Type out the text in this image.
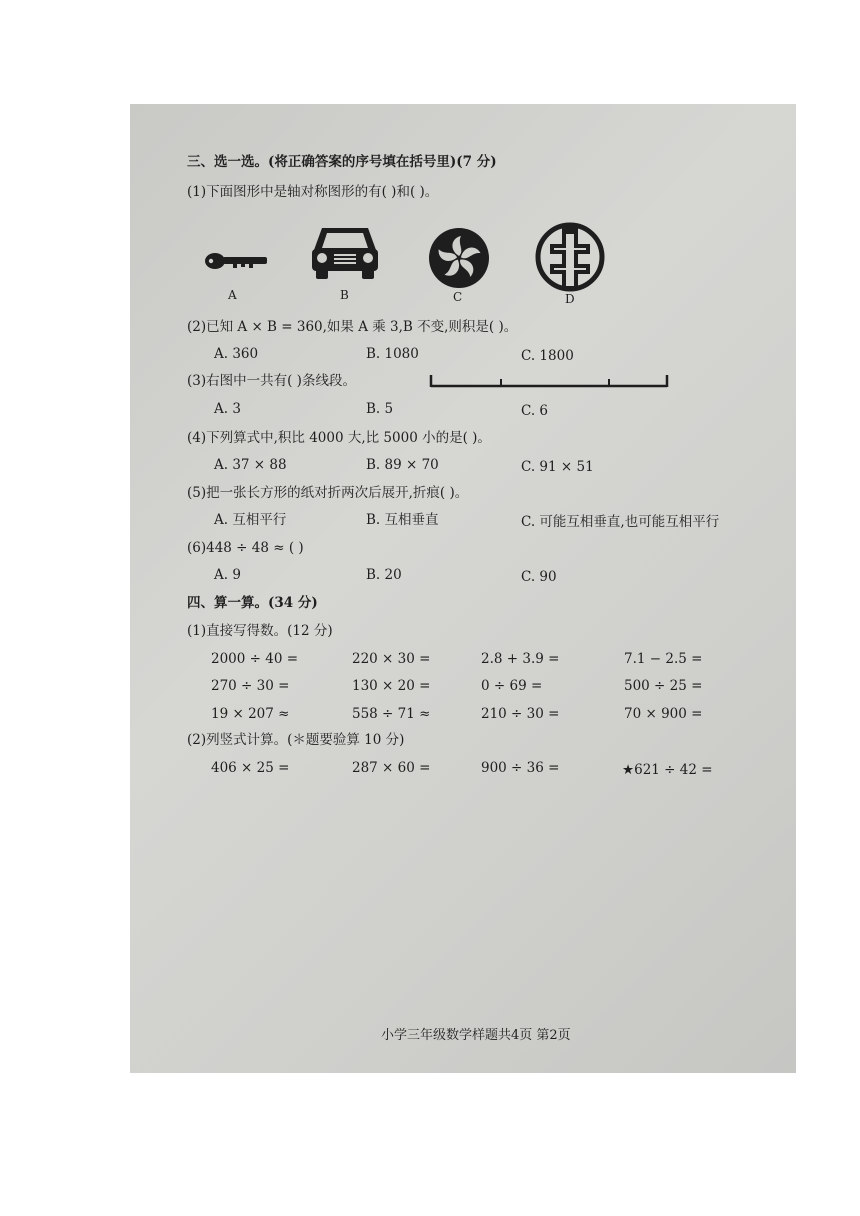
三、选一选。(将正确答案的序号填在括号里)(7 分)
(1)下面图形中是轴对称图形的有( )和( )。
A	B	C	D
(2)已知 A × B = 360,如果 A 乘 3,B 不变,则积是( )。
A. 360	B. 1080	C. 1800
(3)右图中一共有( )条线段。
A. 3	B. 5	C. 6
(4)下列算式中,积比 4000 大,比 5000 小的是( )。
A. 37 × 88	B. 89 × 70	C. 91 × 51
(5)把一张长方形的纸对折两次后展开,折痕( )。
A. 互相平行	B. 互相垂直	C. 可能互相垂直,也可能互相平行
(6)448 ÷ 48 ≈ ( )
A. 9	B. 20	C. 90
四、算一算。(34 分)
(1)直接写得数。(12 分)
2000 ÷ 40 =	220 × 30 =	2.8 + 3.9 =	7.1 − 2.5 =
270 ÷ 30 =	130 × 20 =	0 ÷ 69 =	500 ÷ 25 =
19 × 207 ≈	558 ÷ 71 ≈	210 ÷ 30 =	70 × 900 =
(2)列竖式计算。(＊题要验算 10 分)
406 × 25 =	287 × 60 =	900 ÷ 36 =	★621 ÷ 42 =
小学三年级数学样题共4页 第2页
